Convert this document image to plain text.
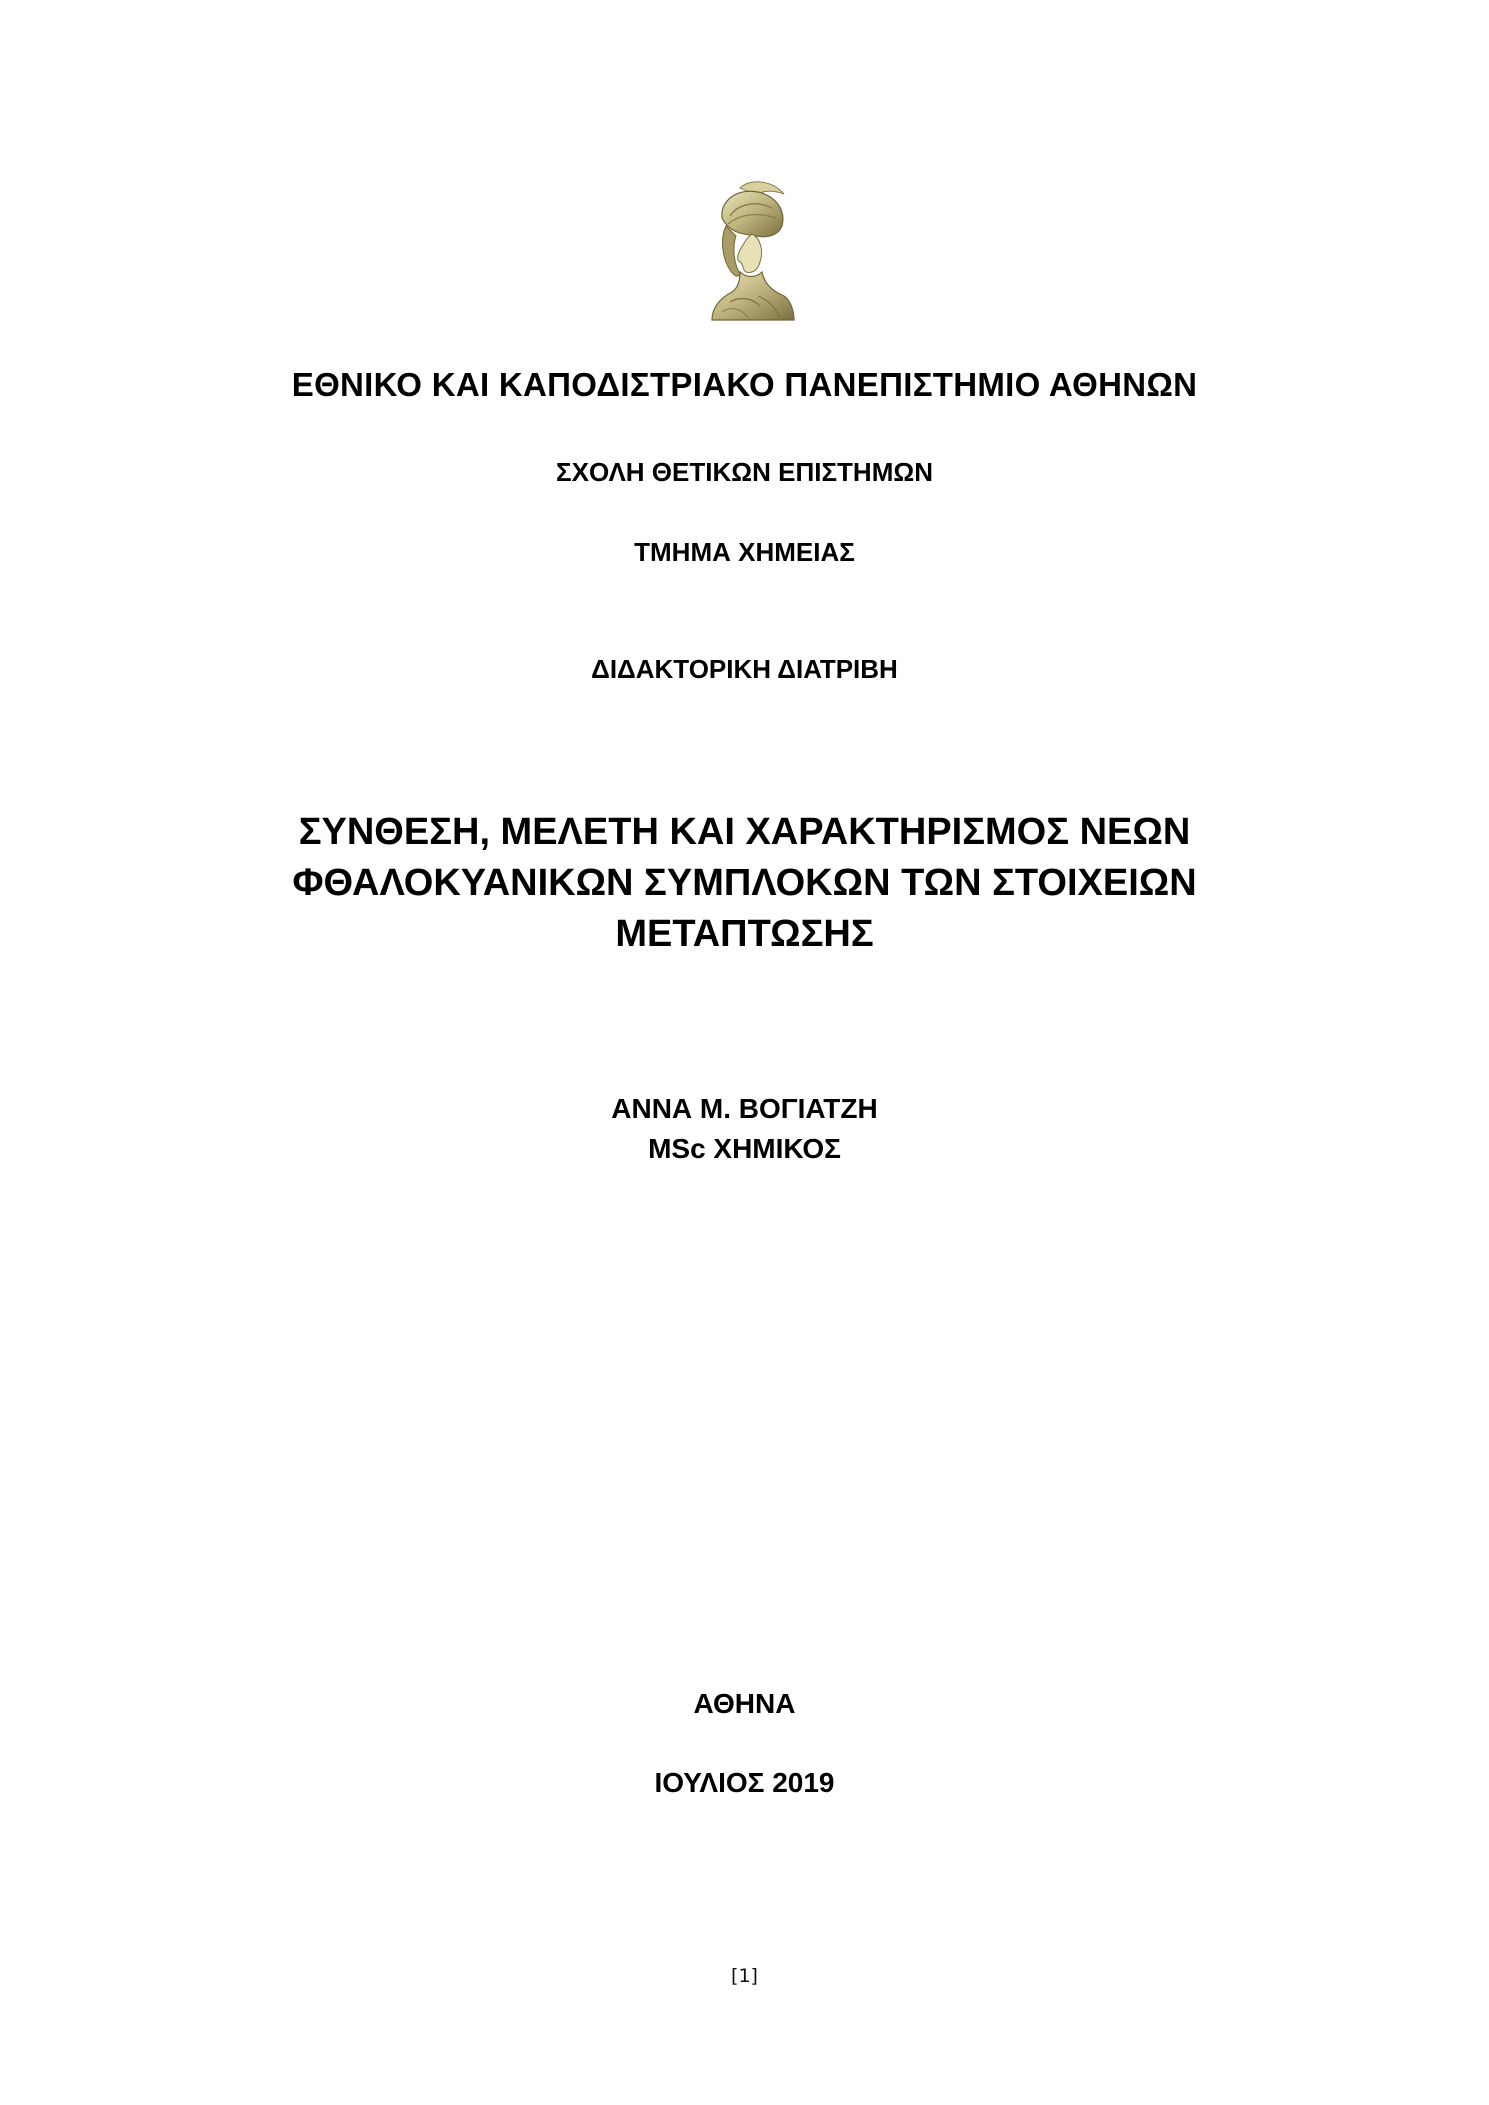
ΕΘΝΙΚΟ ΚΑΙ ΚΑΠΟΔΙΣΤΡΙΑΚΟ ΠΑΝΕΠΙΣΤΗΜΙΟ ΑΘΗΝΩΝ
ΣΧΟΛΗ ΘΕΤΙΚΩΝ ΕΠΙΣΤΗΜΩΝ
ΤΜΗΜΑ ΧΗΜΕΙΑΣ
ΔΙΔΑΚΤΟΡΙΚΗ ΔΙΑΤΡΙΒΗ
ΣΥΝΘΕΣΗ, ΜΕΛΕΤΗ ΚΑΙ ΧΑΡΑΚΤΗΡΙΣΜΟΣ ΝΕΩΝ
ΦΘΑΛΟΚΥΑΝΙΚΩΝ ΣΥΜΠΛΟΚΩΝ ΤΩΝ ΣΤΟΙΧΕΙΩΝ
ΜΕΤΑΠΤΩΣΗΣ
ΑΝΝΑ Μ. ΒΟΓΙΑΤΖΗ
MSc ΧΗΜΙΚΟΣ
ΑΘΗΝΑ
ΙΟΥΛΙΟΣ 2019
[1]
